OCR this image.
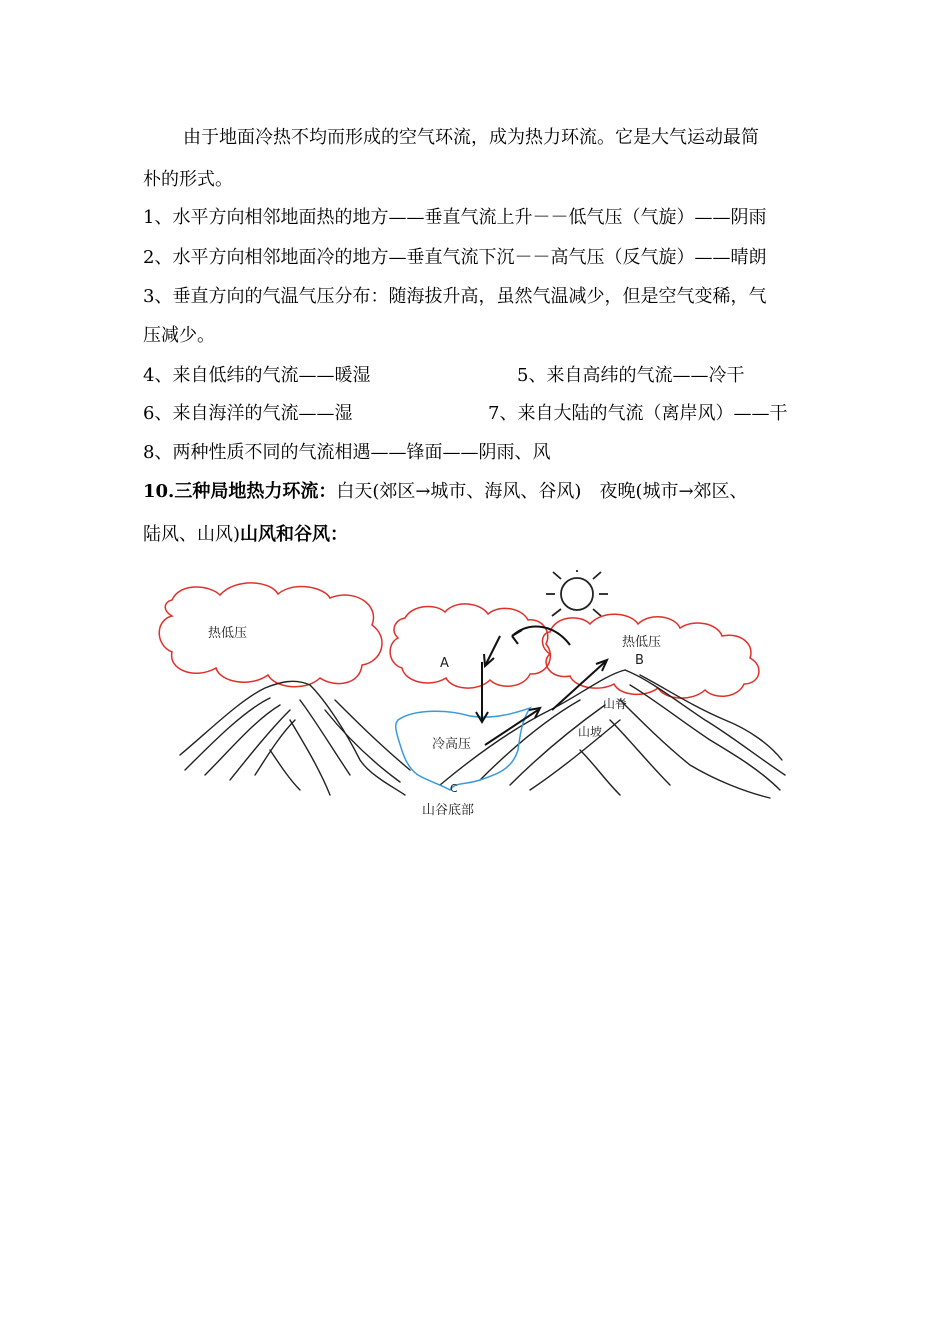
由于地面冷热不均而形成的空气环流，成为热力环流。它是大气运动最简
朴的形式。
1、水平方向相邻地面热的地方——垂直气流上升－－低气压（气旋）——阴雨
2、水平方向相邻地面冷的地方—垂直气流下沉－－高气压（反气旋）——晴朗
3、垂直方向的气温气压分布：随海拔升高，虽然气温减少，但是空气变稀，气
压减少。
4、来自低纬的气流——暖湿	5、来自高纬的气流——冷干
6、来自海洋的气流——湿	7、来自大陆的气流（离岸风）——干
8、两种性质不同的气流相遇——锋面——阴雨、风
10.三种局地热力环流：白天(郊区→城市、海风、谷风)　夜晚(城市→郊区、
陆风、山风)山风和谷风：
热低压
A
热低压
B
冷高压
山脊
山坡
C
山谷底部
